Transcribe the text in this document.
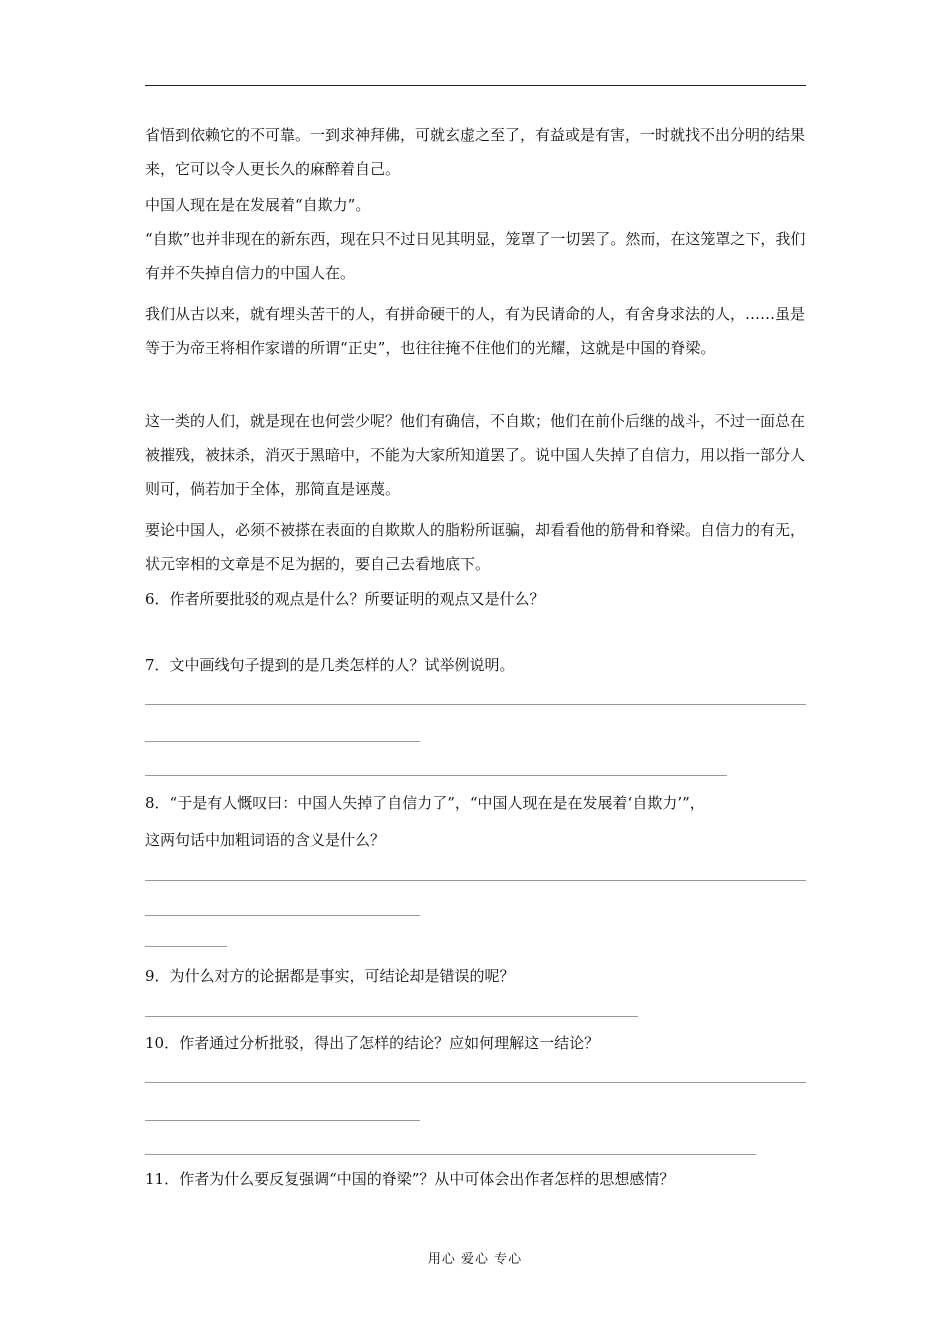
省悟到依赖它的不可靠。一到求神拜佛，可就玄虚之至了，有益或是有害，一时就找不出分明的结果来，它可以令人更长久的麻醉着自己。

中国人现在是在发展着“自欺力”。

“自欺”也并非现在的新东西，现在只不过日见其明显，笼罩了一切罢了。然而，在这笼罩之下，我们有并不失掉自信力的中国人在。

我们从古以来，就有埋头苦干的人，有拼命硬干的人，有为民请命的人，有舍身求法的人，……虽是等于为帝王将相作家谱的所谓“正史”，也往往掩不住他们的光耀，这就是中国的脊梁。

这一类的人们，就是现在也何尝少呢？他们有确信，不自欺；他们在前仆后继的战斗，不过一面总在被摧残，被抹杀，消灭于黑暗中，不能为大家所知道罢了。说中国人失掉了自信力，用以指一部分人则可，倘若加于全体，那简直是诬蔑。

要论中国人，必须不被搽在表面的自欺欺人的脂粉所诓骗，却看看他的筋骨和脊梁。自信力的有无，状元宰相的文章是不足为据的，要自己去看地底下。

6．作者所要批驳的观点是什么？所要证明的观点又是什么？

7．文中画线句子提到的是几类怎样的人？试举例说明。

8．“于是有人慨叹曰：中国人失掉了自信力了”，“中国人现在是在发展着‘自欺力’”，

这两句话中加粗词语的含义是什么？

9．为什么对方的论据都是事实，可结论却是错误的呢？

10．作者通过分析批驳，得出了怎样的结论？应如何理解这一结论？

11．作者为什么要反复强调“中国的脊梁”？从中可体会出作者怎样的思想感情？

用心 爱心 专心
